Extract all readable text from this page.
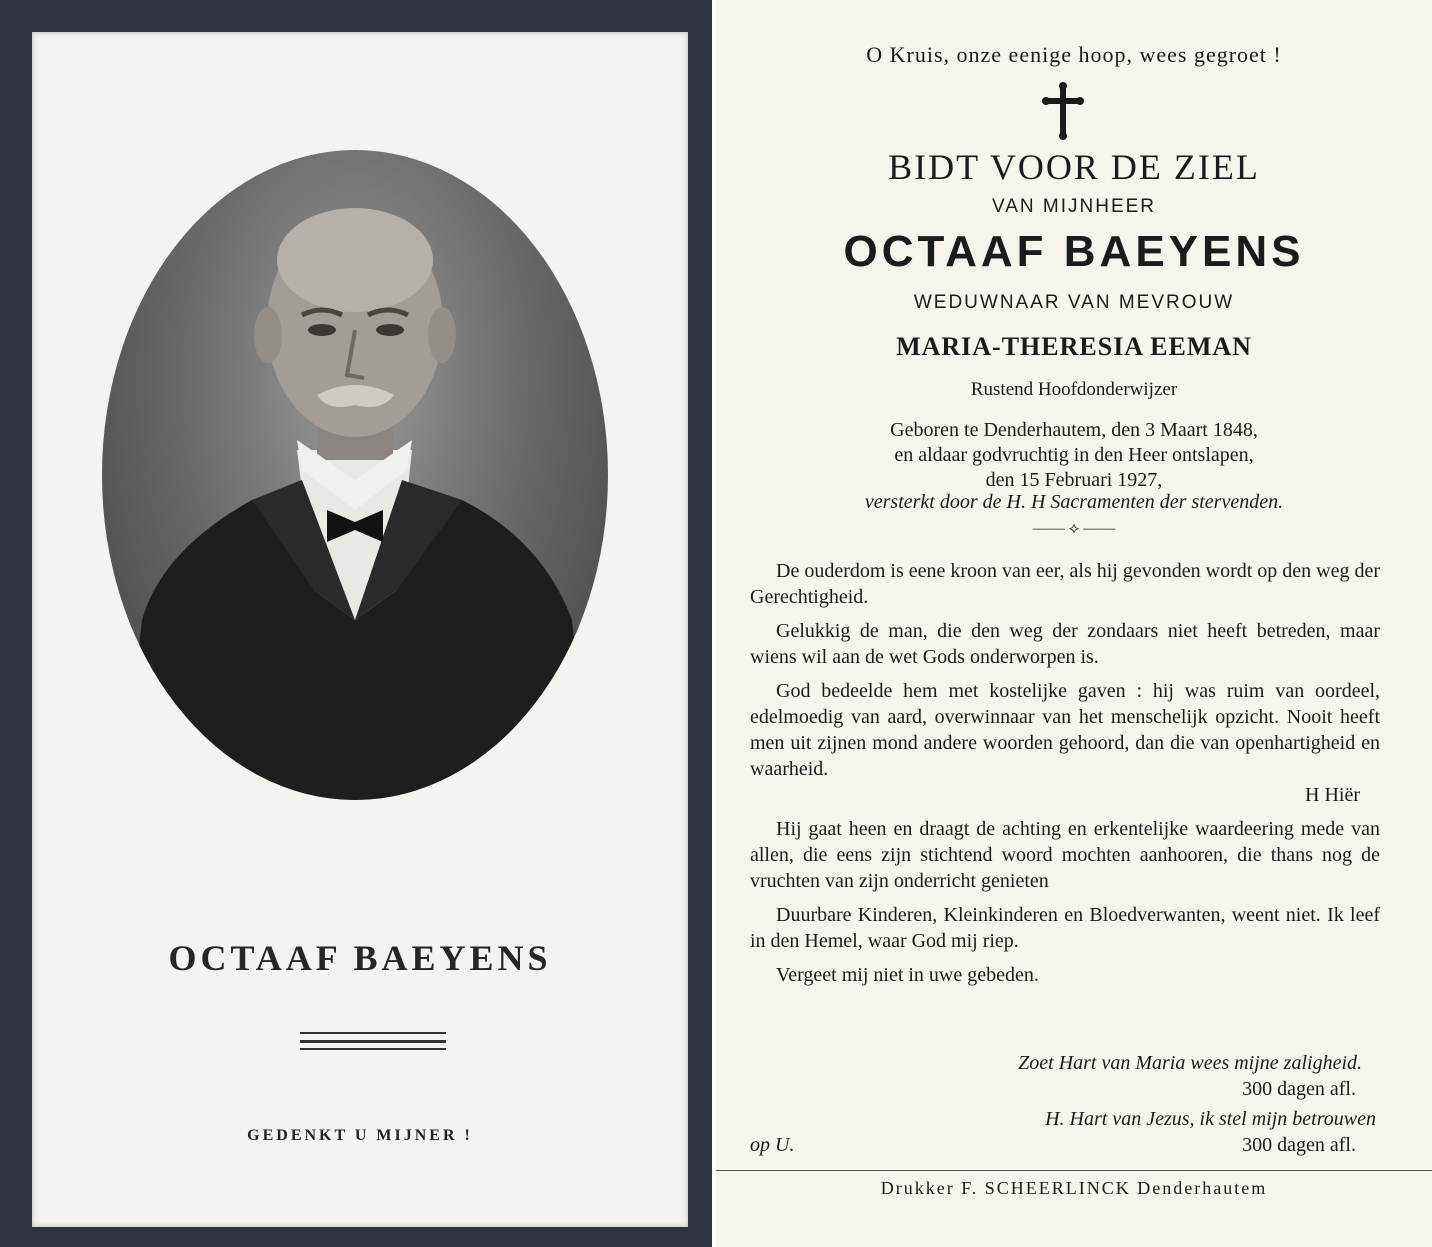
OCTAAF BAEYENS
GEDENKT U MIJNER !
O Kruis, onze eenige hoop, wees gegroet !
BIDT VOOR DE ZIEL
VAN MIJNHEER
OCTAAF BAEYENS
WEDUWNAAR VAN MEVROUW
MARIA-THERESIA EEMAN
Rustend Hoofdonderwijzer
Geboren te Denderhautem, den 3 Maart 1848,
en aldaar godvruchtig in den Heer ontslapen,
den 15 Februari 1927,
versterkt door de H. H Sacramenten der stervenden.
—— ⟡ ——

De ouderdom is eene kroon van eer, als hij gevonden wordt op den weg der Gerechtigheid.

Gelukkig de man, die den weg der zondaars niet heeft betreden, maar wiens wil aan de wet Gods onderworpen is.

God bedeelde hem met kostelijke gaven : hij was ruim van oordeel, edelmoedig van aard, overwinnaar van het menschelijk opzicht. Nooit heeft men uit zijnen mond andere woorden gehoord, dan die van openhartigheid en waarheid.

H Hiër

Hij gaat heen en draagt de achting en erkentelijke waardeering mede van allen, die eens zijn stichtend woord mochten aanhooren, die thans nog de vruchten van zijn onderricht genieten

Duurbare Kinderen, Kleinkinderen en Bloedverwanten, weent niet. Ik leef in den Hemel, waar God mij riep.

Vergeet mij niet in uwe gebeden.

Zoet Hart van Maria wees mijne zaligheid.
300 dagen afl.
H. Hart van Jezus, ik stel mijn betrouwen
op U.	300 dagen afl.
Drukker F. SCHEERLINCK Denderhautem
